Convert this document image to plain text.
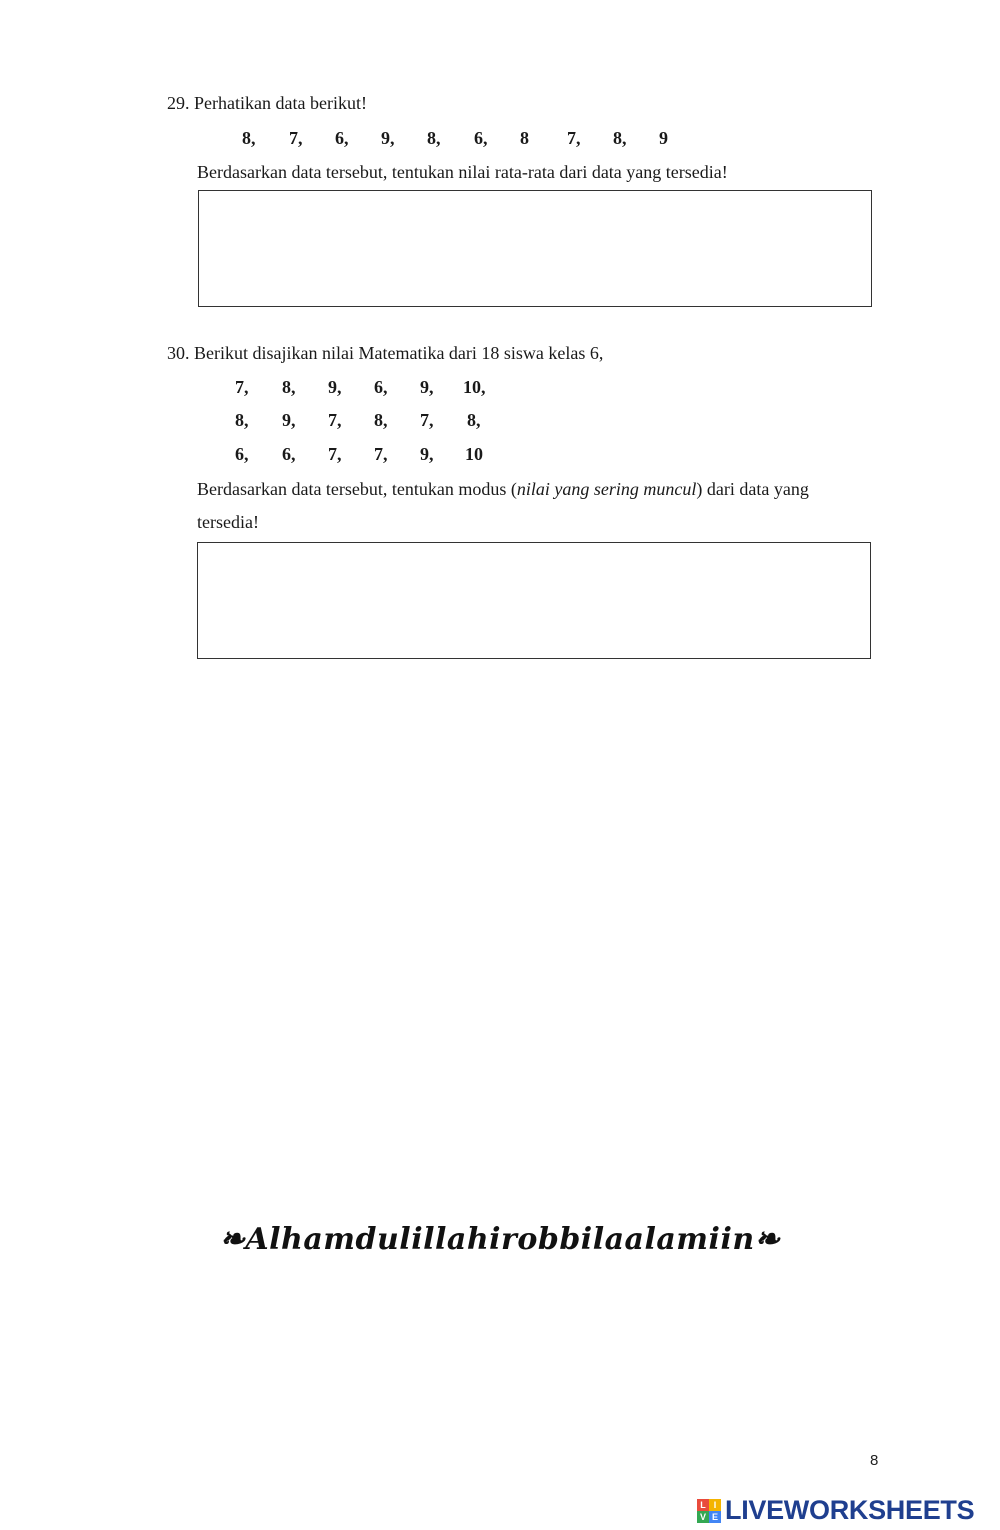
29. Perhatikan data berikut!
8, 7, 6, 9, 8, 6, 8 7, 8, 9
Berdasarkan data tersebut, tentukan nilai rata-rata dari data yang tersedia!
30. Berikut disajikan nilai Matematika dari 18 siswa kelas 6,
7, 8, 9, 6, 9, 10,
8, 9, 7, 8, 7, 8,
6, 6, 7, 7, 9, 10
Berdasarkan data tersebut, tentukan modus (nilai yang sering muncul) dari data yang
tersedia!
❧Alhamdulillahirobbilaalamiin❧
8
L I
V E LIVEWORKSHEETS
